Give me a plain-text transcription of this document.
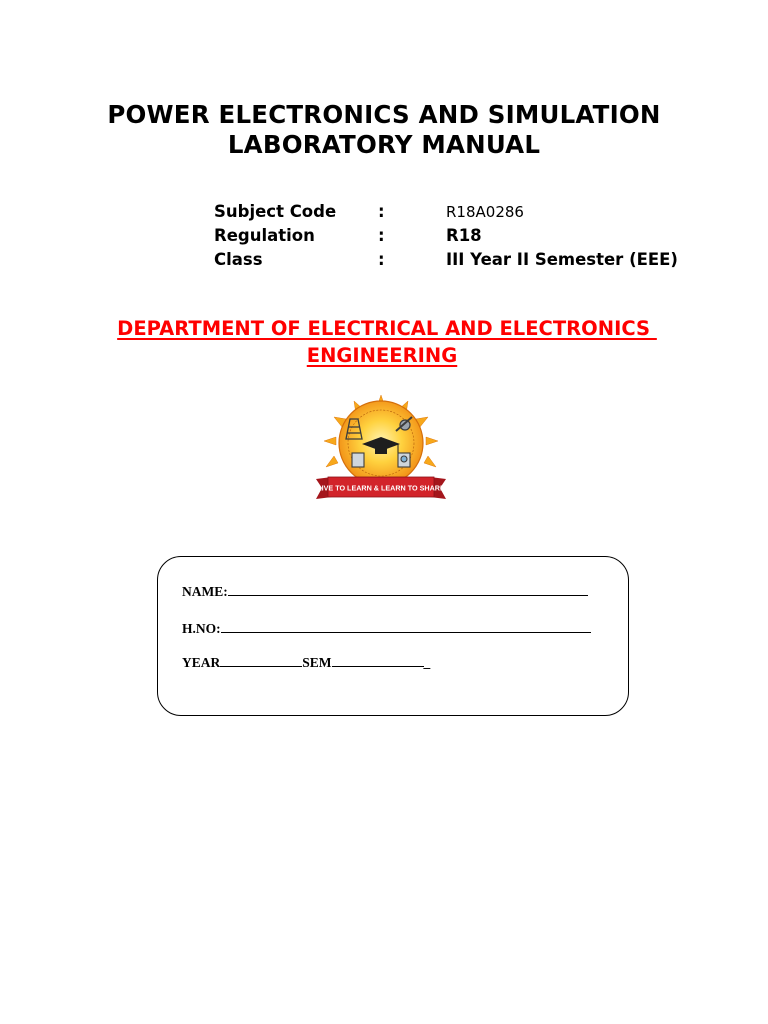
POWER ELECTRONICS AND SIMULATION
LABORATORY MANUAL
Subject Code	:	R18A0286
Regulation	:	R18
Class	:	III Year II Semester (EEE)
DEPARTMENT OF ELECTRICAL AND ELECTRONICS
ENGINEERING
LIVE TO LEARN & LEARN TO SHARE
NAME:
H.NO:
YEAR	SEM	_
